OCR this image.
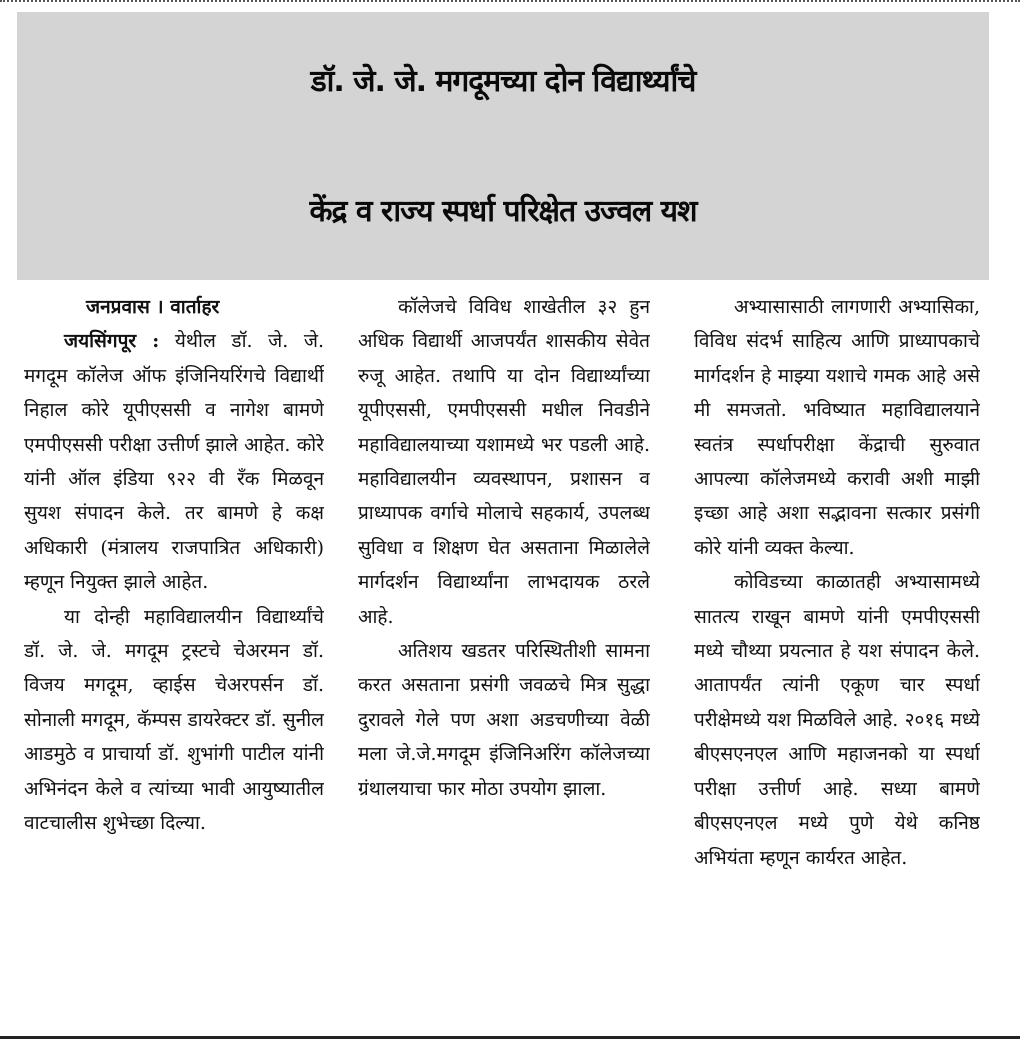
डॉ. जे. जे. मगदूमच्या दोन विद्यार्थ्यांचे
केंद्र व राज्य स्पर्धा परिक्षेत उज्वल यश
जनप्रवास । वार्ताहर

जयसिंगपूर : येथील डॉ. जे. जे. मगदूम कॉलेज ऑफ इंजिनियरिंगचे विद्यार्थी निहाल कोरे यूपीएससी व नागेश बामणे एमपीएससी परीक्षा उत्तीर्ण झाले आहेत. कोरे यांनी ऑल इंडिया ९२२ वी रँक मिळवून सुयश संपादन केले. तर बामणे हे कक्ष अधिकारी (मंत्रालय राजपात्रित अधिकारी) म्हणून नियुक्त झाले आहेत.

या दोन्ही महाविद्यालयीन विद्यार्थ्यांचे डॉ. जे. जे. मगदूम ट्रस्टचे चेअरमन डॉ. विजय मगदूम, व्हाईस चेअरपर्सन डॉ. सोनाली मगदूम, कॅम्पस डायरेक्टर डॉ. सुनील आडमुठे व प्राचार्या डॉ. शुभांगी पाटील यांनी अभिनंदन केले व त्यांच्या भावी आयुष्यातील वाटचालीस शुभेच्छा दिल्या.

कॉलेजचे विविध शाखेतील ३२ हुन अधिक विद्यार्थी आजपर्यंत शासकीय सेवेत रुजू आहेत. तथापि या दोन विद्यार्थ्यांच्या यूपीएससी, एमपीएससी मधील निवडीने महाविद्यालयाच्या यशामध्ये भर पडली आहे. महाविद्यालयीन व्यवस्थापन, प्रशासन व प्राध्यापक वर्गाचे मोलाचे सहकार्य, उपलब्ध सुविधा व शिक्षण घेत असताना मिळालेले मार्गदर्शन विद्यार्थ्यांना लाभदायक ठरले आहे.

अतिशय खडतर परिस्थितीशी सामना करत असताना प्रसंगी जवळचे मित्र सुद्धा दुरावले गेले पण अशा अडचणीच्या वेळी मला जे.जे.मगदूम इंजिनिअरिंग कॉलेजच्या ग्रंथालयाचा फार मोठा उपयोग झाला.

अभ्यासासाठी लागणारी अभ्यासिका, विविध संदर्भ साहित्य आणि प्राध्यापकाचे मार्गदर्शन हे माझ्या यशाचे गमक आहे असे मी समजतो. भविष्यात महाविद्यालयाने स्वतंत्र स्पर्धापरीक्षा केंद्राची सुरुवात आपल्या कॉलेजमध्ये करावी अशी माझी इच्छा आहे अशा सद्भावना सत्कार प्रसंगी कोरे यांनी व्यक्त केल्या.

कोविडच्या काळातही अभ्यासामध्ये सातत्य राखून बामणे यांनी एमपीएससी मध्ये चौथ्या प्रयत्नात हे यश संपादन केले. आतापर्यंत त्यांनी एकूण चार स्पर्धा परीक्षेमध्ये यश मिळविले आहे. २०१६ मध्ये बीएसएनएल आणि महाजनको या स्पर्धा परीक्षा उत्तीर्ण आहे. सध्या बामणे बीएसएनएल मध्ये पुणे येथे कनिष्ठ अभियंता म्हणून कार्यरत आहेत.
